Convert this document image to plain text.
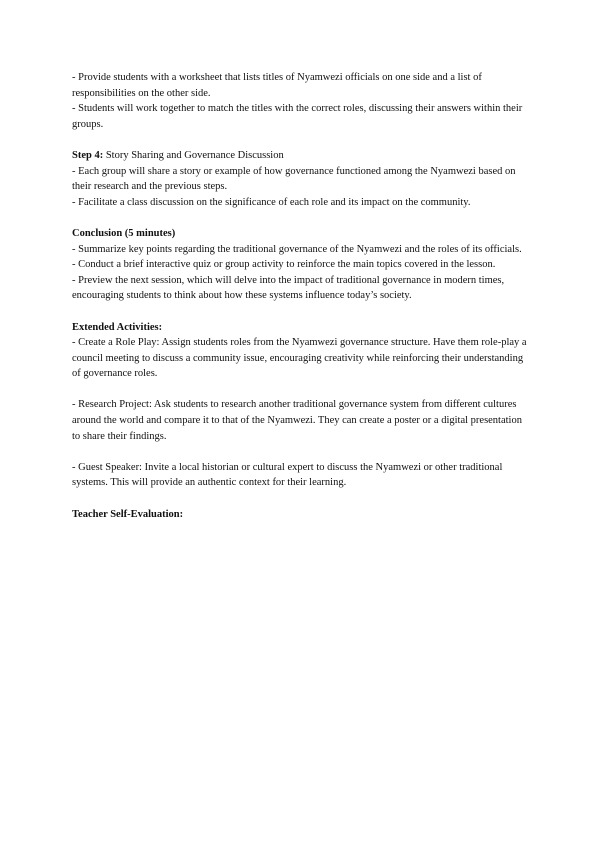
- Provide students with a worksheet that lists titles of Nyamwezi officials on one side and a list of responsibilities on the other side.

- Students will work together to match the titles with the correct roles, discussing their answers within their groups.

Step 4: Story Sharing and Governance Discussion

- Each group will share a story or example of how governance functioned among the Nyamwezi based on their research and the previous steps.

- Facilitate a class discussion on the significance of each role and its impact on the community.

Conclusion (5 minutes)

- Summarize key points regarding the traditional governance of the Nyamwezi and the roles of its officials.

- Conduct a brief interactive quiz or group activity to reinforce the main topics covered in the lesson.

- Preview the next session, which will delve into the impact of traditional governance in modern times, encouraging students to think about how these systems influence today’s society.

Extended Activities:

- Create a Role Play: Assign students roles from the Nyamwezi governance structure. Have them role-play a council meeting to discuss a community issue, encouraging creativity while reinforcing their understanding of governance roles.

- Research Project: Ask students to research another traditional governance system from different cultures around the world and compare it to that of the Nyamwezi. They can create a poster or a digital presentation to share their findings.

- Guest Speaker: Invite a local historian or cultural expert to discuss the Nyamwezi or other traditional systems. This will provide an authentic context for their learning.

Teacher Self-Evaluation:
